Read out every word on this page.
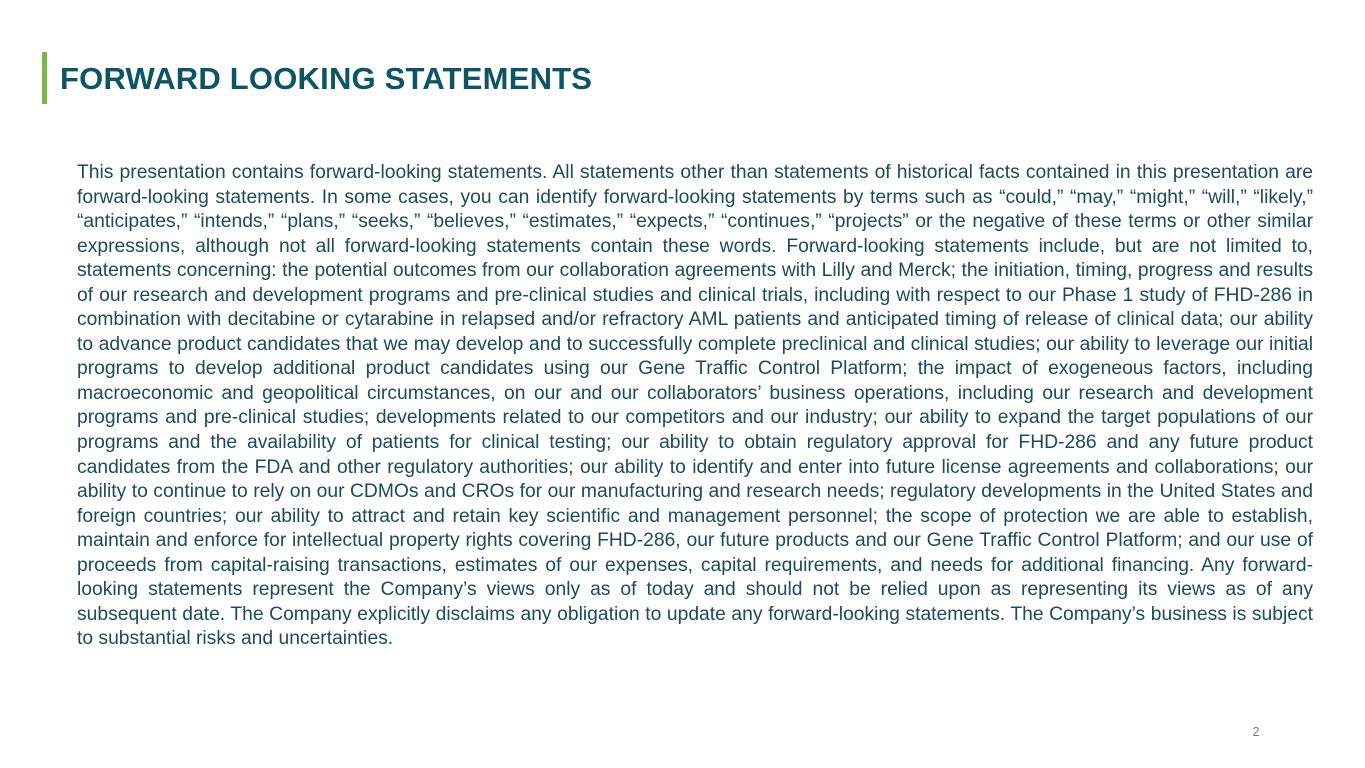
FORWARD LOOKING STATEMENTS

This presentation contains forward-looking statements. All statements other than statements of historical facts contained in this presentation are forward-looking statements. In some cases, you can identify forward-looking statements by terms such as “could,” “may,” “might,” “will,” “likely,” “anticipates,” “intends,” “plans,” “seeks,” “believes,” “estimates,” “expects,” “continues,” “projects” or the negative of these terms or other similar expressions, although not all forward-looking statements contain these words. Forward-looking statements include, but are not limited to, statements concerning: the potential outcomes from our collaboration agreements with Lilly and Merck; the initiation, timing, progress and results of our research and development programs and pre-clinical studies and clinical trials, including with respect to our Phase 1 study of FHD-286 in combination with decitabine or cytarabine in relapsed and/or refractory AML patients and anticipated timing of release of clinical data; our ability to advance product candidates that we may develop and to successfully complete preclinical and clinical studies; our ability to leverage our initial programs to develop additional product candidates using our Gene Traffic Control Platform; the impact of exogeneous factors, including macroeconomic and geopolitical circumstances, on our and our collaborators’ business operations, including our research and development programs and pre-clinical studies; developments related to our competitors and our industry; our ability to expand the target populations of our programs and the availability of patients for clinical testing; our ability to obtain regulatory approval for FHD-286 and any future product candidates from the FDA and other regulatory authorities; our ability to identify and enter into future license agreements and collaborations; our ability to continue to rely on our CDMOs and CROs for our manufacturing and research needs; regulatory developments in the United States and foreign countries; our ability to attract and retain key scientific and management personnel; the scope of protection we are able to establish, maintain and enforce for intellectual property rights covering FHD-286, our future products and our Gene Traffic Control Platform; and our use of proceeds from capital-raising transactions, estimates of our expenses, capital requirements, and needs for additional financing. Any forward-looking statements represent the Company’s views only as of today and should not be relied upon as representing its views as of any subsequent date. The Company explicitly disclaims any obligation to update any forward-looking statements. The Company’s business is subject to substantial risks and uncertainties.

2
